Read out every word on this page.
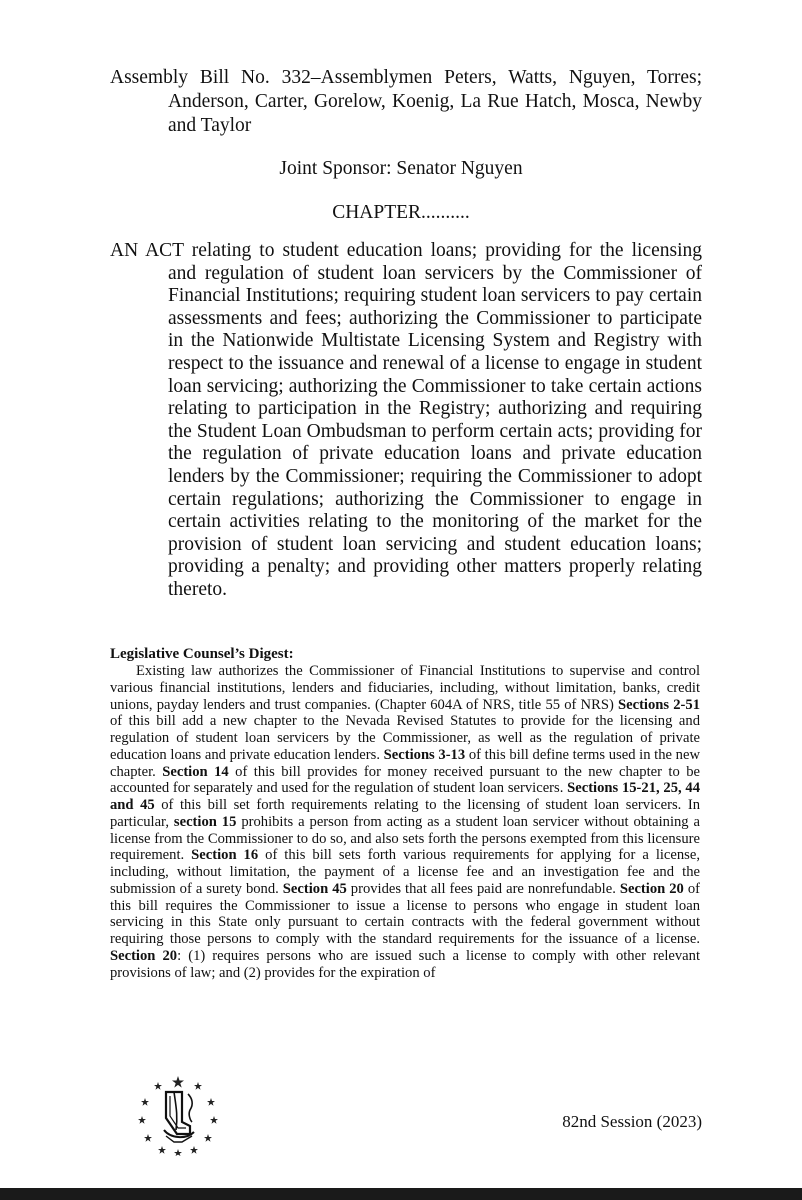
Assembly Bill No. 332–Assemblymen Peters, Watts, Nguyen, Torres; Anderson, Carter, Gorelow, Koenig, La Rue Hatch, Mosca, Newby and Taylor

Joint Sponsor: Senator Nguyen
CHAPTER..........

AN ACT relating to student education loans; providing for the licensing and regulation of student loan servicers by the Commissioner of Financial Institutions; requiring student loan servicers to pay certain assessments and fees; authorizing the Commissioner to participate in the Nationwide Multistate Licensing System and Registry with respect to the issuance and renewal of a license to engage in student loan servicing; authorizing the Commissioner to take certain actions relating to participation in the Registry; authorizing and requiring the Student Loan Ombudsman to perform certain acts; providing for the regulation of private education loans and private education lenders by the Commissioner; requiring the Commissioner to adopt certain regulations; authorizing the Commissioner to engage in certain activities relating to the monitoring of the market for the provision of student loan servicing and student education loans; providing a penalty; and providing other matters properly relating thereto.

Legislative Counsel’s Digest:

Existing law authorizes the Commissioner of Financial Institutions to supervise and control various financial institutions, lenders and fiduciaries, including, without limitation, banks, credit unions, payday lenders and trust companies. (Chapter 604A of NRS, title 55 of NRS) Sections 2-51 of this bill add a new chapter to the Nevada Revised Statutes to provide for the licensing and regulation of student loan servicers by the Commissioner, as well as the regulation of private education loans and private education lenders. Sections 3-13 of this bill define terms used in the new chapter. Section 14 of this bill provides for money received pursuant to the new chapter to be accounted for separately and used for the regulation of student loan servicers. Sections 15-21, 25, 44 and 45 of this bill set forth requirements relating to the licensing of student loan servicers. In particular, section 15 prohibits a person from acting as a student loan servicer without obtaining a license from the Commissioner to do so, and also sets forth the persons exempted from this licensure requirement. Section 16 of this bill sets forth various requirements for applying for a license, including, without limitation, the payment of a license fee and an investigation fee and the submission of a surety bond. Section 45 provides that all fees paid are nonrefundable. Section 20 of this bill requires the Commissioner to issue a license to persons who engage in student loan servicing in this State only pursuant to certain contracts with the federal government without requiring those persons to comply with the standard requirements for the issuance of a license. Section 20: (1) requires persons who are issued such a license to comply with other relevant provisions of law; and (2) provides for the expiration of

82nd Session (2023)
